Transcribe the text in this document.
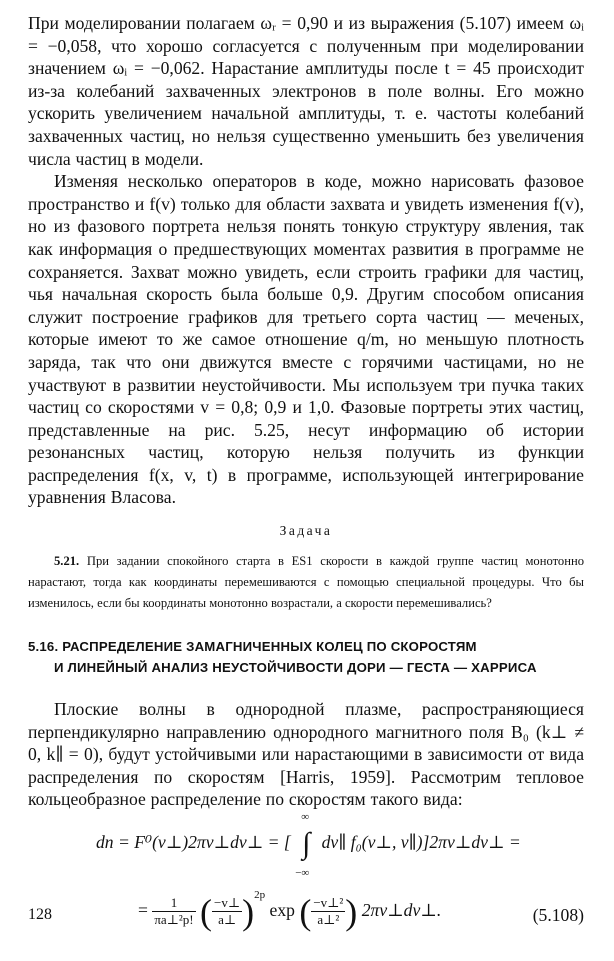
При моделировании полагаем ωᵣ = 0,90 и из выражения (5.107) имеем ωᵢ = −0,058, что хорошо согласуется с полученным при моделировании значением ωᵢ = −0,062. Нарастание амплитуды после t = 45 происходит из-за колебаний захваченных электронов в поле волны. Его можно ускорить увеличением начальной амплитуды, т. е. частоты колебаний захваченных частиц, но нельзя существенно уменьшить без увеличения числа частиц в модели.

Изменяя несколько операторов в коде, можно нарисовать фазовое пространство и f(v) только для области захвата и увидеть изменения f(v), но из фазового портрета нельзя понять тонкую структуру явления, так как информация о предшествующих моментах развития в программе не сохраняется. Захват можно увидеть, если строить графики для частиц, чья начальная скорость была больше 0,9. Другим способом описания служит построение графиков для третьего сорта частиц — меченых, которые имеют то же самое отношение q/m, но меньшую плотность заряда, так что они движутся вместе с горячими частицами, но не участвуют в развитии неустойчивости. Мы используем три пучка таких частиц со скоростями v = 0,8; 0,9 и 1,0. Фазовые портреты этих частиц, представленные на рис. 5.25, несут информацию об истории резонансных частиц, которую нельзя получить из функции распределения f(x, v, t) в программе, использующей интегрирование уравнения Власова.

Задача

5.21. При задании спокойного старта в ES1 скорости в каждой группе частиц монотонно нарастают, тогда как координаты перемешиваются с помощью специальной процедуры. Что бы изменилось, если бы координаты монотонно возрастали, а скорости перемешивались?

5.16. РАСПРЕДЕЛЕНИЕ ЗАМАГНИЧЕННЫХ КОЛЕЦ ПО СКОРОСТЯМ
И ЛИНЕЙНЫЙ АНАЛИЗ НЕУСТОЙЧИВОСТИ ДОРИ — ГЕСТА — ХАРРИСА

Плоские волны в однородной плазме, распространяющиеся перпендикулярно направлению однородного магнитного поля B₀ (k⊥ ≠ 0, k∥ = 0), будут устойчивыми или нарастающими в зависимости от вида распределения по скоростям [Harris, 1959]. Рассмотрим тепловое кольцеобразное распределение по скоростям такого вида:

dn = F⁰(v⊥)2πv⊥dv⊥ = [
∞
∫
−∞
dv∥ f₀(v⊥, v∥)]2πv⊥dv⊥ =
= $\frac{1}{\text{πa⊥²p!}}$ ( $\frac{-v\perp}{a\perp} )^{2p}$ exp ( $\frac{\text{−v⊥²}}{\text{a⊥²}}$ ) 2πv⊥dv⊥.	(5.108)
128
